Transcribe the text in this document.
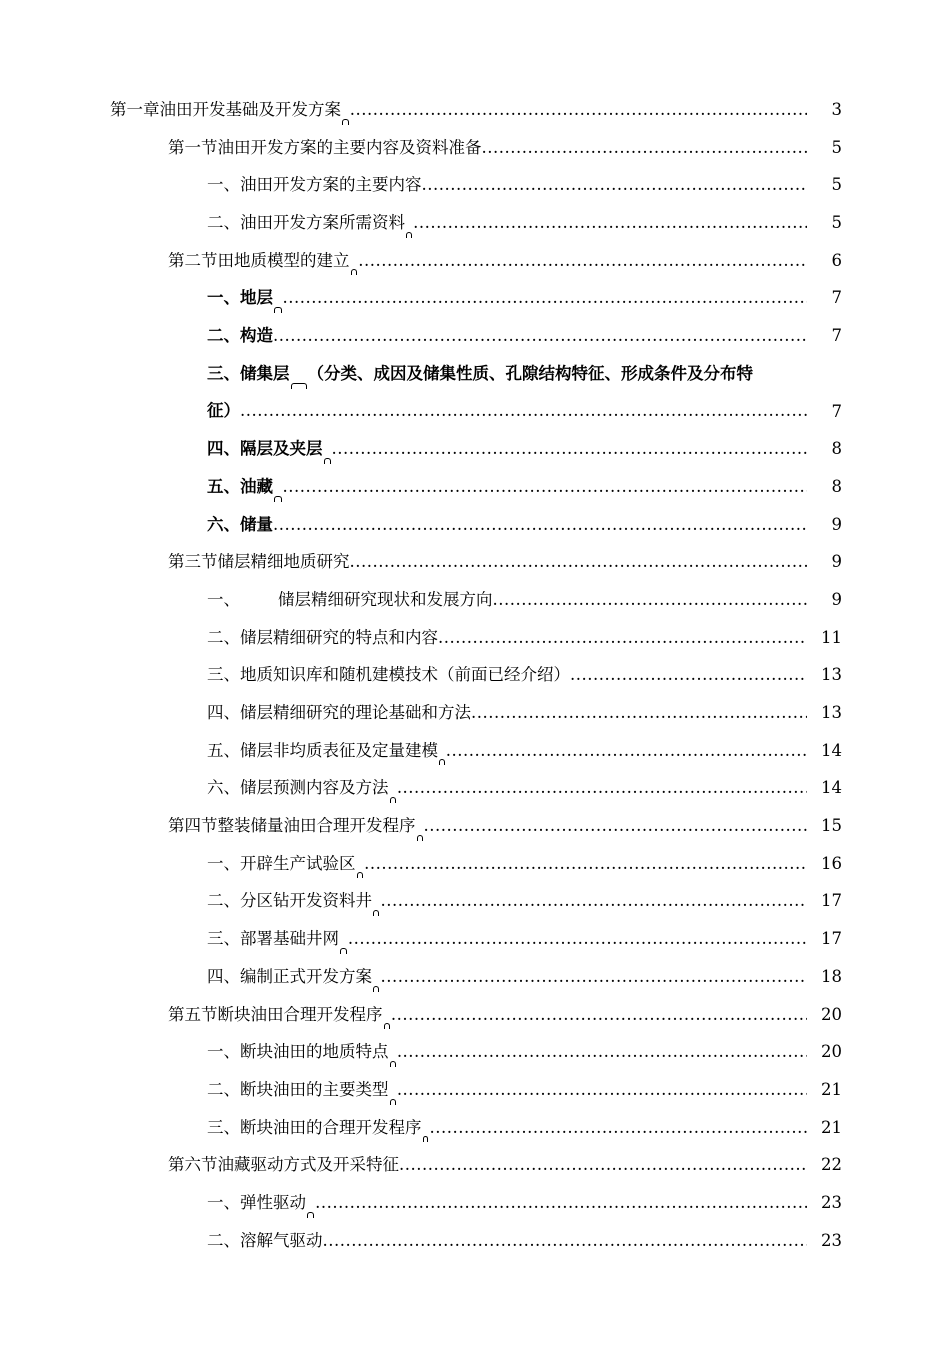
第一章油田开发基础及开发方案 .....	3
第一节油田开发方案的主要内容及资料准备 .....	5
一、油田开发方案的主要内容 .....	5
二、油田开发方案所需资料 .....	5
第二节田地质模型的建立 .....	6
一、地层 .....	7
二、构造 .....	7
三、储集层 （分类、成因及储集性质、孔隙结构特征、形成条件及分布特
征） .....	7
四、隔层及夹层 .....	8
五、油藏 .....	8
六、储量 .....	9
第三节储层精细地质研究 .....	9
一、 储层精细研究现状和发展方向 .....	9
二、储层精细研究的特点和内容 .....	11
三、地质知识库和随机建模技术（前面已经介绍） .....	13
四、储层精细研究的理论基础和方法 .....	13
五、储层非均质表征及定量建模 .....	14
六、储层预测内容及方法 .....	14
第四节整装储量油田合理开发程序 .....	15
一、开辟生产试验区 .....	16
二、分区钻开发资料井 .....	17
三、部署基础井网 .....	17
四、编制正式开发方案 .....	18
第五节断块油田合理开发程序 .....	20
一、断块油田的地质特点 .....	20
二、断块油田的主要类型 .....	21
三、断块油田的合理开发程序 .....	21
第六节油藏驱动方式及开采特征 .....	22
一、弹性驱动 .....	23
二、溶解气驱动 .....	23
